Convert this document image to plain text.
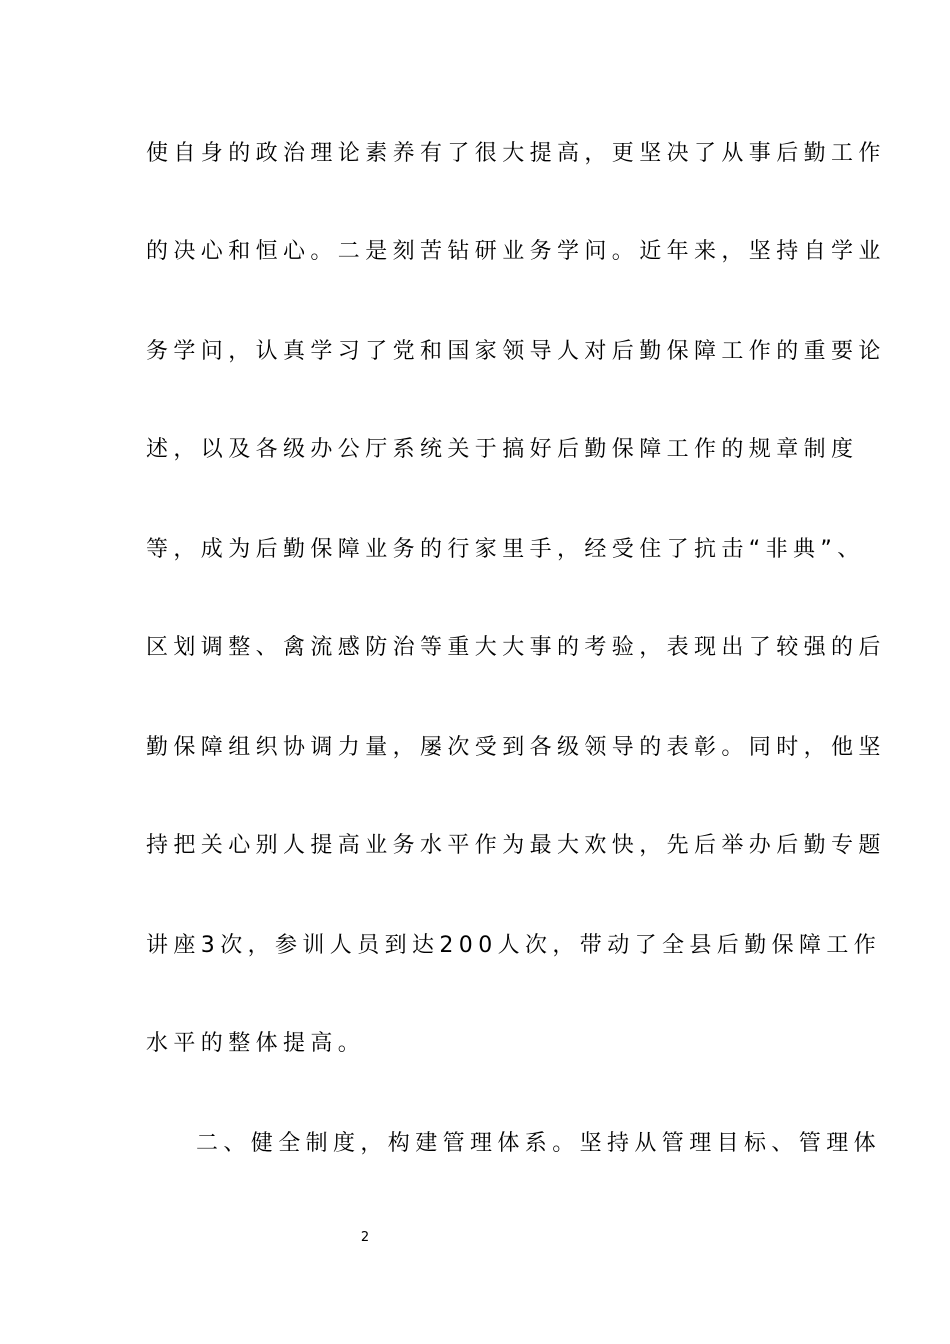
使自身的政治理论素养有了很大提高，更坚决了从事后勤工作
的决心和恒心。二是刻苦钻研业务学问。近年来，坚持自学业
务学问，认真学习了党和国家领导人对后勤保障工作的重要论
述，以及各级办公厅系统关于搞好后勤保障工作的规章制度
等，成为后勤保障业务的行家里手，经受住了抗击“非典”、
区划调整、禽流感防治等重大大事的考验，表现出了较强的后
勤保障组织协调力量，屡次受到各级领导的表彰。同时，他坚
持把关心别人提高业务水平作为最大欢快，先后举办后勤专题
讲座3次，参训人员到达200人次，带动了全县后勤保障工作
水平的整体提高。
二、健全制度，构建管理体系。坚持从管理目标、管理体
2
